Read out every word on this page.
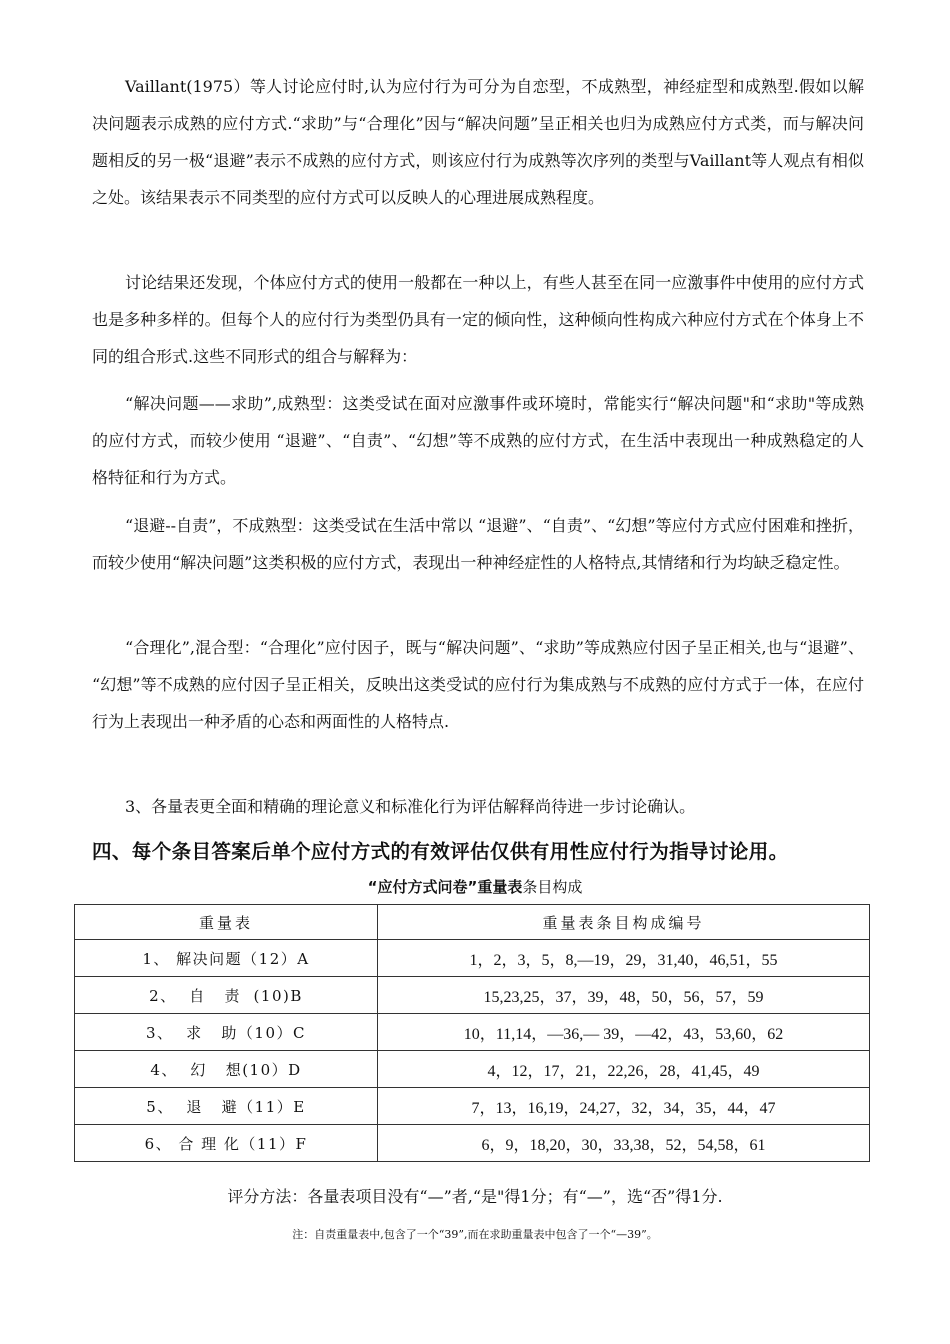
Vaillant(1975）等人讨论应付时,认为应付行为可分为自恋型，不成熟型，神经症型和成熟型.假如以解决问题表示成熟的应付方式.“求助”与“合理化”因与“解决问题”呈正相关也归为成熟应付方式类，而与解决问题相反的另一极“退避”表示不成熟的应付方式，则该应付行为成熟等次序列的类型与Vaillant等人观点有相似之处。该结果表示不同类型的应付方式可以反映人的心理进展成熟程度。

讨论结果还发现，个体应付方式的使用一般都在一种以上，有些人甚至在同一应激事件中使用的应付方式也是多种多样的。但每个人的应付行为类型仍具有一定的倾向性，这种倾向性构成六种应付方式在个体身上不同的组合形式.这些不同形式的组合与解释为：

“解决问题——求助”,成熟型：这类受试在面对应激事件或环境时，常能实行“解决问题"和“求助"等成熟的应付方式，而较少使用 “退避”、“自责”、“幻想”等不成熟的应付方式，在生活中表现出一种成熟稳定的人格特征和行为方式。

“退避--自责”，不成熟型：这类受试在生活中常以 “退避”、“自责”、“幻想”等应付方式应付困难和挫折，而较少使用“解决问题”这类积极的应付方式，表现出一种神经症性的人格特点,其情绪和行为均缺乏稳定性。

“合理化”,混合型：“合理化”应付因子，既与“解决问题”、“求助”等成熟应付因子呈正相关,也与“退避”、 “幻想”等不成熟的应付因子呈正相关，反映出这类受试的应付行为集成熟与不成熟的应付方式于一体，在应付行为上表现出一种矛盾的心态和两面性的人格特点.

3、各量表更全面和精确的理论意义和标准化行为评估解释尚待进一步讨论确认。

四、每个条目答案后单个应付方式的有效评估仅供有用性应付行为指导讨论用。

“应付方式问卷”重量表条目构成

重量表	重量表条目构成编号
1、 解决问题（12）A	1，2，3，5，8,—19，29，31,40，46,51，55
2、  自   责  (10)B	15,23,25，37，39，48，50，56，57，59
3、  求   助（10）C	10，11,14，—36,— 39，—42，43，53,60，62
4、  幻   想(10）D	4，12，17，21，22,26，28，41,45，49
5、  退   避（11）E	7，13，16,19，24,27，32，34，35，44，47
6、 合 理 化（11）F	6，9，18,20，30，33,38，52，54,58，61

评分方法：各量表项目没有“—”者,“是"得1分；有“—”，选“否”得1分.

注：自责重量表中,包含了一个“39”,而在求助重量表中包含了一个“—39”。
